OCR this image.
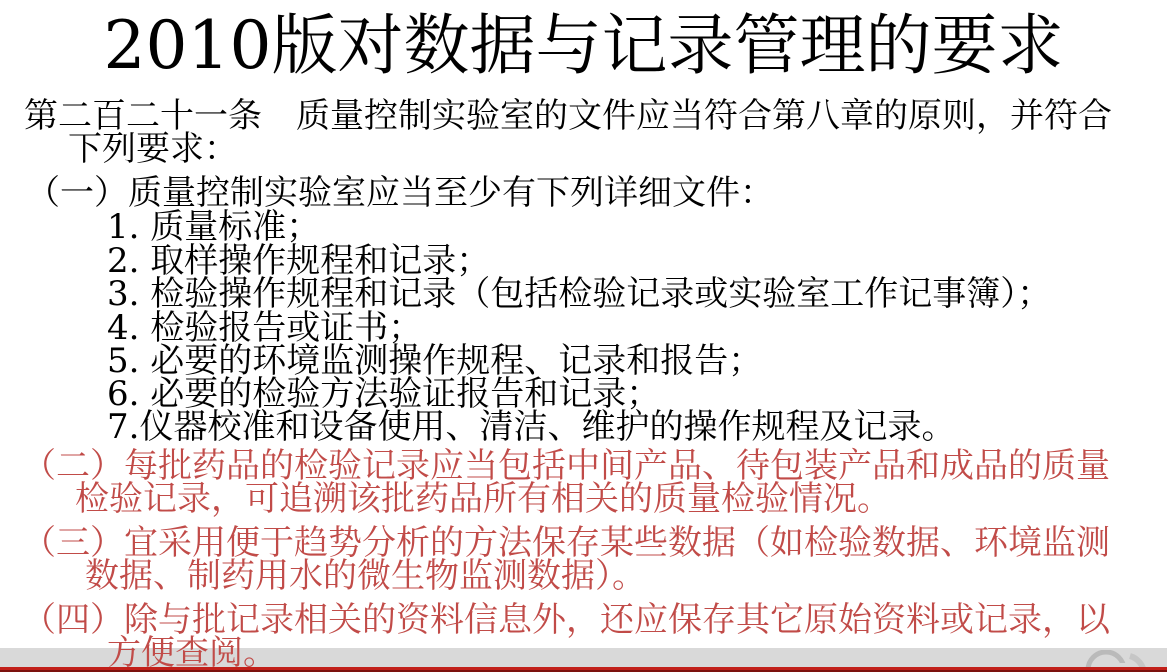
2010版对数据与记录管理的要求
第二百二十一条　质量控制实验室的文件应当符合第八章的原则，并符合
下列要求：
（一）质量控制实验室应当至少有下列详细文件：
1. 质量标准；
2. 取样操作规程和记录；
3. 检验操作规程和记录（包括检验记录或实验室工作记事簿）；
4. 检验报告或证书；
5. 必要的环境监测操作规程、记录和报告；
6. 必要的检验方法验证报告和记录；
7.仪器校准和设备使用、清洁、维护的操作规程及记录。
（二）每批药品的检验记录应当包括中间产品、待包装产品和成品的质量
检验记录，可追溯该批药品所有相关的质量检验情况。
（三）宜采用便于趋势分析的方法保存某些数据（如检验数据、环境监测
数据、制药用水的微生物监测数据）。
（四）除与批记录相关的资料信息外，还应保存其它原始资料或记录，以
方便查阅。
